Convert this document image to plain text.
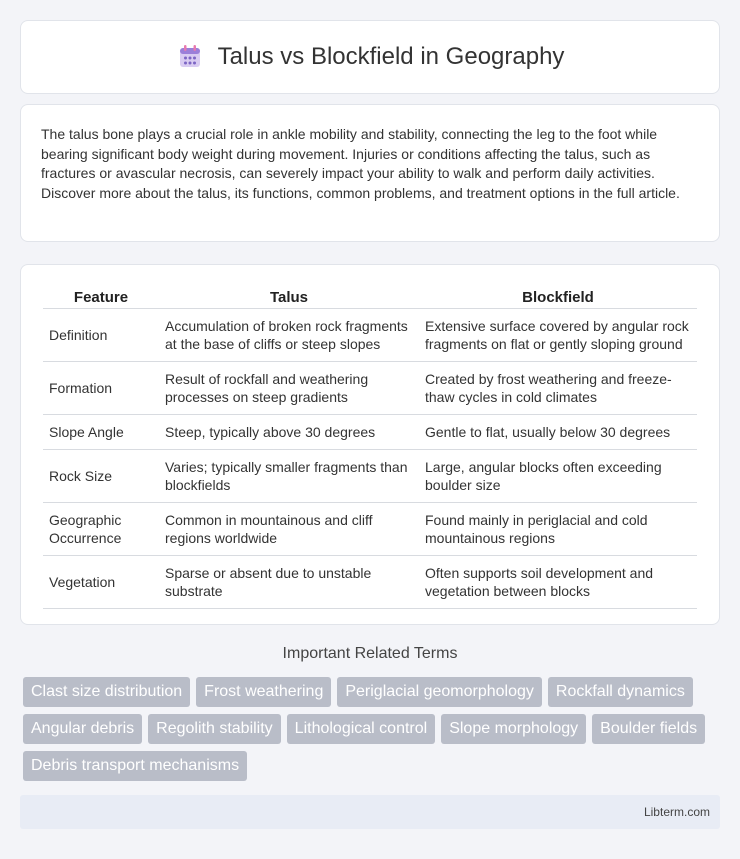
Talus vs Blockfield in Geography

The talus bone plays a crucial role in ankle mobility and stability, connecting the leg to the foot while bearing significant body weight during movement. Injuries or conditions affecting the talus, such as fractures or avascular necrosis, can severely impact your ability to walk and perform daily activities. Discover more about the talus, its functions, common problems, and treatment options in the full article.

Feature	Talus	Blockfield
Definition	Accumulation of broken rock fragments at the base of cliffs or steep slopes	Extensive surface covered by angular rock fragments on flat or gently sloping ground
Formation	Result of rockfall and weathering processes on steep gradients	Created by frost weathering and freeze-thaw cycles in cold climates
Slope Angle	Steep, typically above 30 degrees	Gentle to flat, usually below 30 degrees
Rock Size	Varies; typically smaller fragments than blockfields	Large, angular blocks often exceeding boulder size
Geographic Occurrence	Common in mountainous and cliff regions worldwide	Found mainly in periglacial and cold mountainous regions
Vegetation	Sparse or absent due to unstable substrate	Often supports soil development and vegetation between blocks
Important Related Terms
Clast size distribution	Frost weathering	Periglacial geomorphology	Rockfall dynamics
Angular debris	Regolith stability	Lithological control	Slope morphology	Boulder fields
Debris transport mechanisms
Libterm.com
